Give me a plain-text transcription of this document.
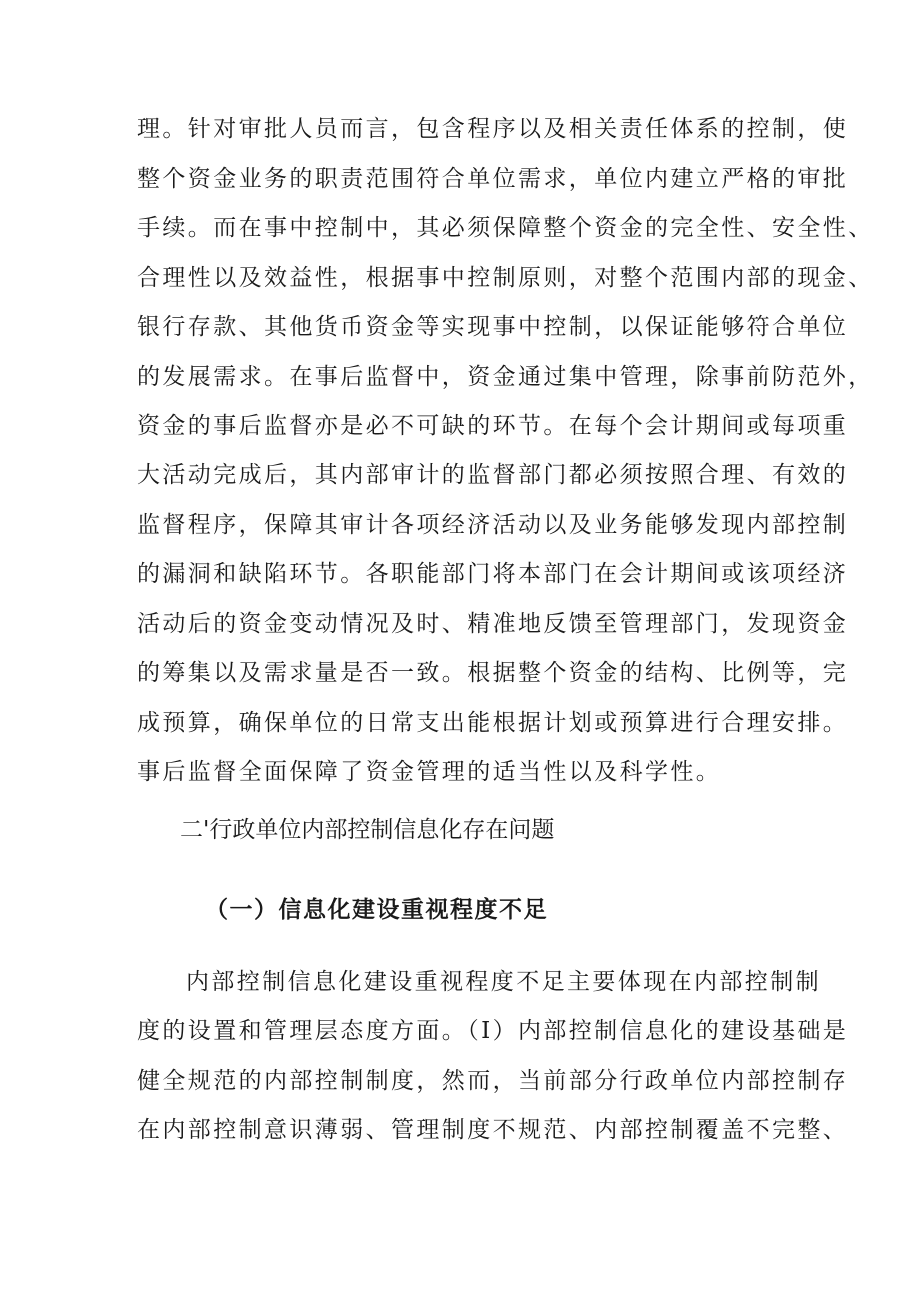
理。针对审批人员而言，包含程序以及相关责任体系的控制，使
整个资金业务的职责范围符合单位需求，单位内建立严格的审批
手续。而在事中控制中，其必须保障整个资金的完全性、安全性、
合理性以及效益性，根据事中控制原则，对整个范围内部的现金、
银行存款、其他货币资金等实现事中控制，以保证能够符合单位
的发展需求。在事后监督中，资金通过集中管理，除事前防范外，
资金的事后监督亦是必不可缺的环节。在每个会计期间或每项重
大活动完成后，其内部审计的监督部门都必须按照合理、有效的
监督程序，保障其审计各项经济活动以及业务能够发现内部控制
的漏洞和缺陷环节。各职能部门将本部门在会计期间或该项经济
活动后的资金变动情况及时、精准地反馈至管理部门，发现资金
的筹集以及需求量是否一致。根据整个资金的结构、比例等，完
成预算，确保单位的日常支出能根据计划或预算进行合理安排。
事后监督全面保障了资金管理的适当性以及科学性。
二'行政单位内部控制信息化存在问题
（一）信息化建设重视程度不足
内部控制信息化建设重视程度不足主要体现在内部控制制
度的设置和管理层态度方面。（I）内部控制信息化的建设基础是
健全规范的内部控制制度，然而，当前部分行政单位内部控制存
在内部控制意识薄弱、管理制度不规范、内部控制覆盖不完整、
